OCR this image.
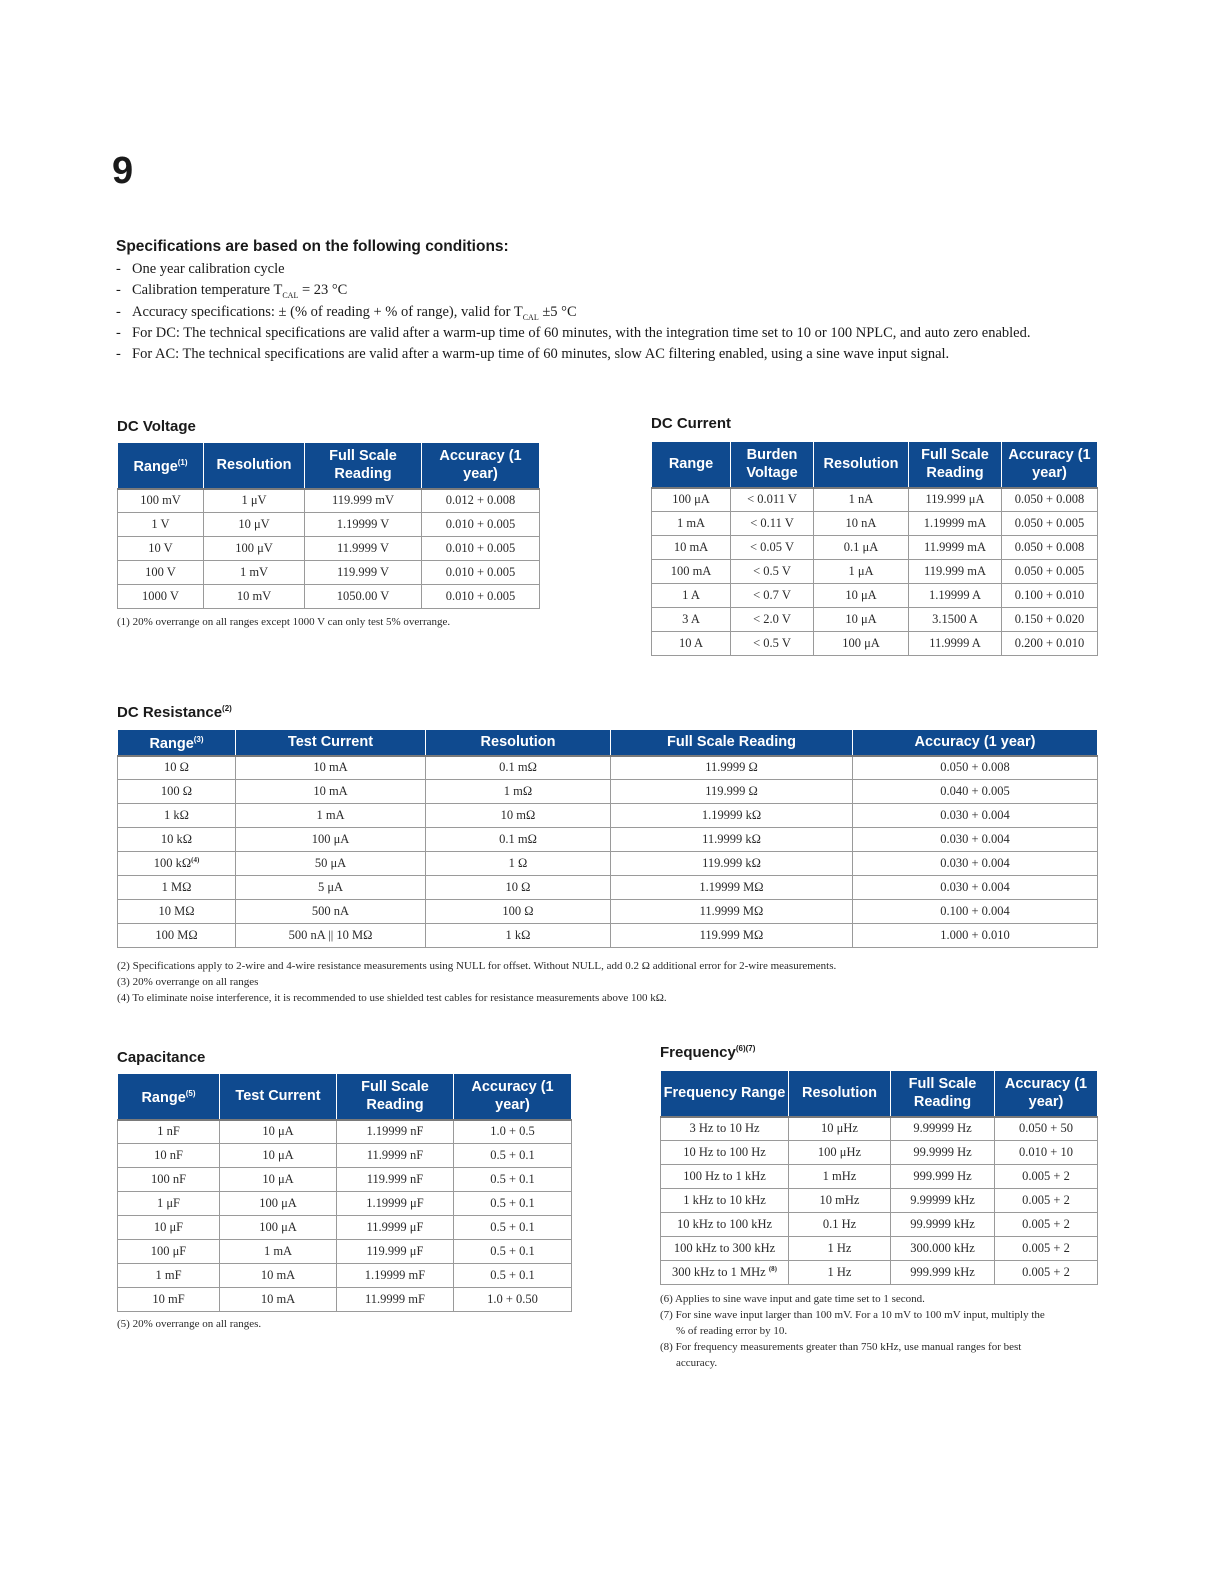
9
Specifications are based on the following conditions:
- One year calibration cycle
- Calibration temperature $T_{CAL} = 23$ °C
- Accuracy specifications: ± (% of reading + % of range), valid for $T_{CAL} \pm 5$ °C
- For DC: The technical specifications are valid after a warm-up time of 60 minutes, with the integration time set to 10 or 100 NPLC, and auto zero enabled.
- For AC: The technical specifications are valid after a warm-up time of 60 minutes, slow AC filtering enabled, using a sine wave input signal.
DC Voltage
Range$^{(1)}$	Resolution	Full Scale Reading	Accuracy (1 year)
100 mV	1 μV	119.999 mV	0.012 + 0.008
1 V	10 μV	1.19999 V	0.010 + 0.005
10 V	100 μV	11.9999 V	0.010 + 0.005
100 V	1 mV	119.999 V	0.010 + 0.005
1000 V	10 mV	1050.00 V	0.010 + 0.005
(1) 20% overrange on all ranges except 1000 V can only test 5% overrange.
DC Current
Range	Burden Voltage	Resolution	Full Scale Reading	Accuracy (1 year)
100 μA	< 0.011 V	1 nA	119.999 μA	0.050 + 0.008
1 mA	< 0.11 V	10 nA	1.19999 mA	0.050 + 0.005
10 mA	< 0.05 V	0.1 μA	11.9999 mA	0.050 + 0.008
100 mA	< 0.5 V	1 μA	119.999 mA	0.050 + 0.005
1 A	< 0.7 V	10 μA	1.19999 A	0.100 + 0.010
3 A	< 2.0 V	10 μA	3.1500 A	0.150 + 0.020
10 A	< 0.5 V	100 μA	11.9999 A	0.200 + 0.010
DC Resistance$^{(2)}$
Range$^{(3)}$	Test Current	Resolution	Full Scale Reading	Accuracy (1 year)
10 Ω	10 mA	0.1 mΩ	11.9999 Ω	0.050 + 0.008
100 Ω	10 mA	1 mΩ	119.999 Ω	0.040 + 0.005
1 kΩ	1 mA	10 mΩ	1.19999 kΩ	0.030 + 0.004
10 kΩ	100 μA	0.1 mΩ	11.9999 kΩ	0.030 + 0.004
100 $k\Omega^{(4)}$	50 μA	1 Ω	119.999 kΩ	0.030 + 0.004
1 MΩ	5 μA	10 Ω	1.19999 MΩ	0.030 + 0.004
10 MΩ	500 nA	100 Ω	11.9999 MΩ	0.100 + 0.004
100 MΩ	500 nA || 10 MΩ	1 kΩ	119.999 MΩ	1.000 + 0.010

(2) Specifications apply to 2-wire and 4-wire resistance measurements using NULL for offset. Without NULL, add 0.2 Ω additional error for 2-wire measurements.

(3) 20% overrange on all ranges

(4) To eliminate noise interference, it is recommended to use shielded test cables for resistance measurements above 100 kΩ.

Capacitance
Range$^{(5)}$	Test Current	Full Scale Reading	Accuracy (1 year)
1 nF	10 μA	1.19999 nF	1.0 + 0.5
10 nF	10 μA	11.9999 nF	0.5 + 0.1
100 nF	10 μA	119.999 nF	0.5 + 0.1
1 μF	100 μA	1.19999 μF	0.5 + 0.1
10 μF	100 μA	11.9999 μF	0.5 + 0.1
100 μF	1 mA	119.999 μF	0.5 + 0.1
1 mF	10 mA	1.19999 mF	0.5 + 0.1
10 mF	10 mA	11.9999 mF	1.0 + 0.50
(5) 20% overrange on all ranges.
Frequency$^{(6)(7)}$
Frequency Range	Resolution	Full Scale Reading	Accuracy (1 year)
3 Hz to 10 Hz	10 μHz	9.99999 Hz	0.050 + 50
10 Hz to 100 Hz	100 μHz	99.9999 Hz	0.010 + 10
100 Hz to 1 kHz	1 mHz	999.999 Hz	0.005 + 2
1 kHz to 10 kHz	10 mHz	9.99999 kHz	0.005 + 2
10 kHz to 100 kHz	0.1 Hz	99.9999 kHz	0.005 + 2
100 kHz to 300 kHz	1 Hz	300.000 kHz	0.005 + 2
300 kHz to 1 MHz $^{(8)}$	1 Hz	999.999 kHz	0.005 + 2

(6) Applies to sine wave input and gate time set to 1 second.

(7) For sine wave input larger than 100 mV. For a 10 mV to 100 mV input, multiply the

% of reading error by 10.

(8) For frequency measurements greater than 750 kHz, use manual ranges for best

accuracy.
